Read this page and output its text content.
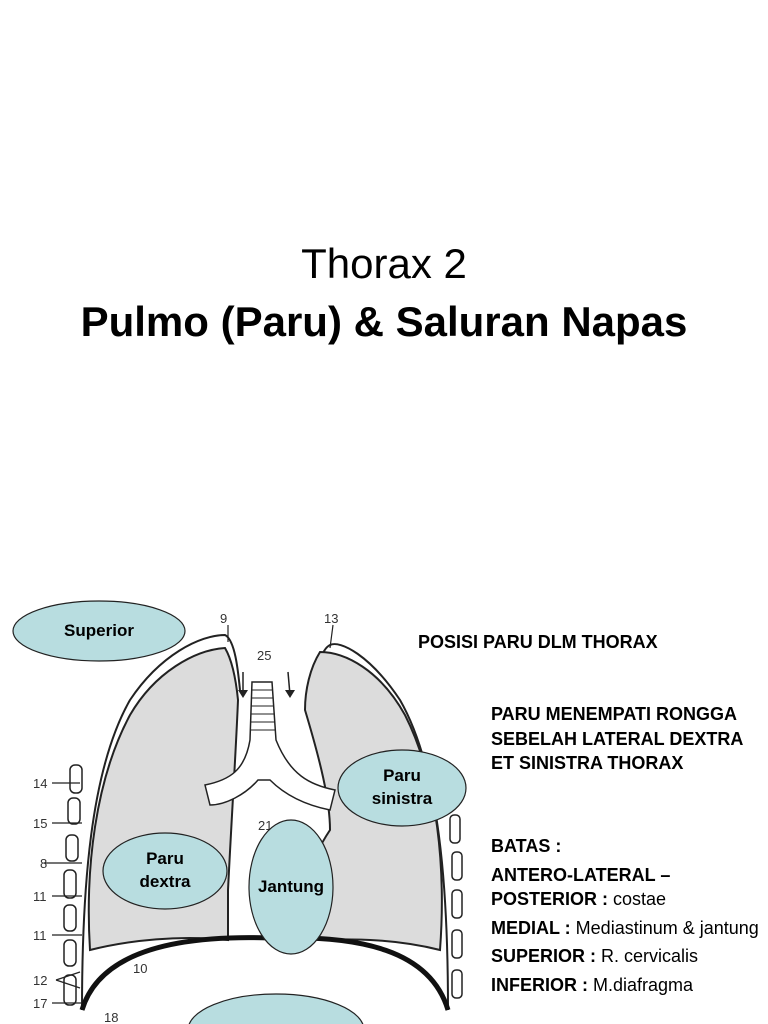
Thorax 2
Pulmo (Paru) & Saluran Napas
9	13
25
14
15
8
11
11
12
17
18
10
21
Superior
Paru
sinistra
Paru
dextra	Jantung
POSISI PARU DLM THORAX
PARU MENEMPATI RONGGA SEBELAH LATERAL DEXTRA ET SINISTRA THORAX
BATAS :
ANTERO-LATERAL – POSTERIOR : costae
MEDIAL : Mediastinum & jantung
SUPERIOR : R. cervicalis
INFERIOR : M.diafragma
